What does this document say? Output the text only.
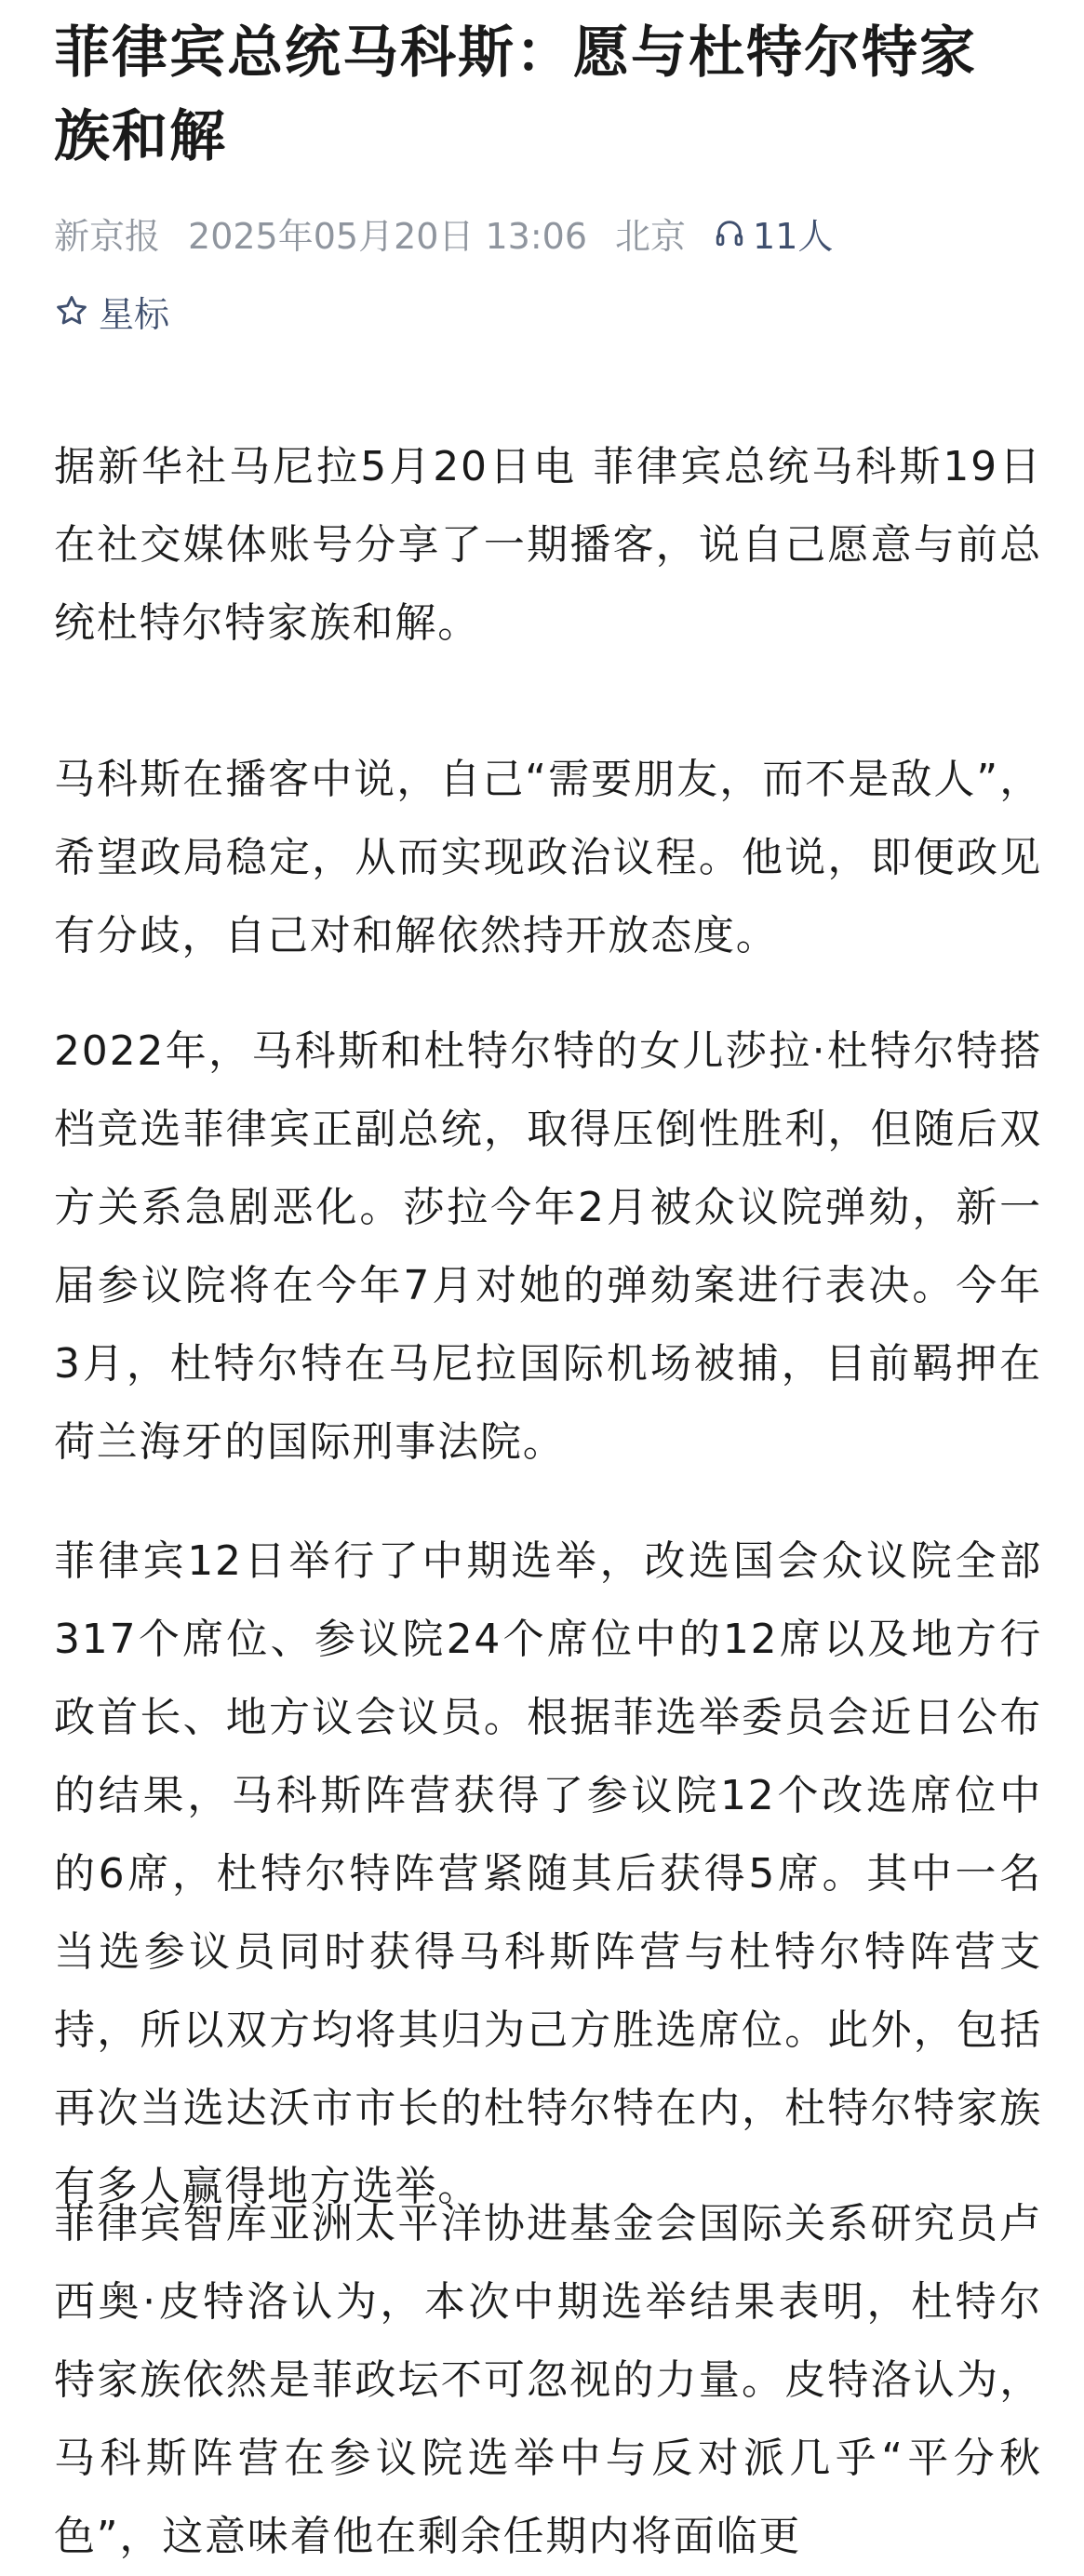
菲律宾总统马科斯：愿与杜特尔特家族和解
新京报 2025年05月20日 13:06 北京 11人
星标

据新华社马尼拉5月20日电 菲律宾总统马科斯19日在社交媒体账号分享了一期播客，说自己愿意与前总统杜特尔特家族和解。

马科斯在播客中说，自己“需要朋友，而不是敌人”，希望政局稳定，从而实现政治议程。他说，即便政见有分歧，自己对和解依然持开放态度。

2022年，马科斯和杜特尔特的女儿莎拉·杜特尔特搭档竞选菲律宾正副总统，取得压倒性胜利，但随后双方关系急剧恶化。莎拉今年2月被众议院弹劾，新一届参议院将在今年7月对她的弹劾案进行表决。今年3月，杜特尔特在马尼拉国际机场被捕，目前羁押在荷兰海牙的国际刑事法院。

菲律宾12日举行了中期选举，改选国会众议院全部317个席位、参议院24个席位中的12席以及地方行政首长、地方议会议员。根据菲选举委员会近日公布的结果，马科斯阵营获得了参议院12个改选席位中的6席，杜特尔特阵营紧随其后获得5席。其中一名当选参议员同时获得马科斯阵营与杜特尔特阵营支持，所以双方均将其归为己方胜选席位。此外，包括再次当选达沃市市长的杜特尔特在内，杜特尔特家族有多人赢得地方选举。

菲律宾智库亚洲太平洋协进基金会国际关系研究员卢西奥·皮特洛认为，本次中期选举结果表明，杜特尔特家族依然是菲政坛不可忽视的力量。皮特洛认为，马科斯阵营在参议院选举中与反对派几乎“平分秋色”，这意味着他在剩余任期内将面临更
